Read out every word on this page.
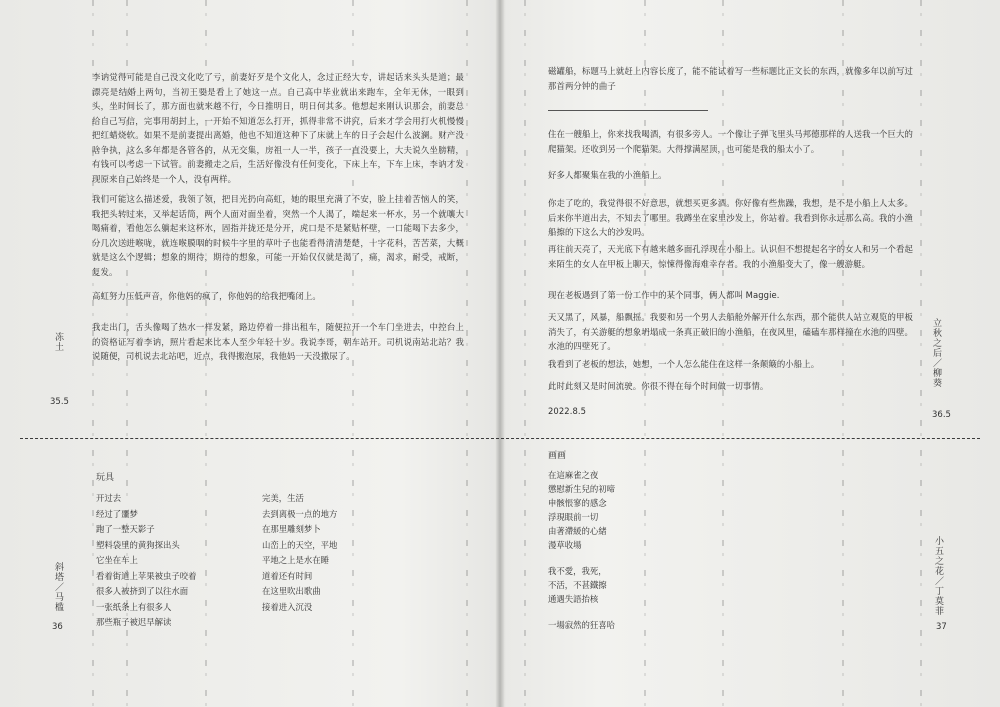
李讷觉得可能是自己没文化吃了亏，前妻好歹是个文化人，念过正经大专，讲起话来头头是道；最漂亮是结婚上两句，当初王要是看上了她这一点。自己高中毕业就出来跑车，全年无休，一眼到头，坐时间长了，那方面也就来越不行，今日推明日，明日何其多。他想起来刚认识那会，前妻总给自己写信，完事用胡封上，一开始不知道怎么打开，抓得非常不讲究，后来才学会用打火机慢慢把红蜡烧软。如果不是前妻提出离婚，他也不知道这种下了床就上车的日子会起什么波澜。财产没啥争执，这么多年都是各管各的，从无交集，房祖一人一半，孩子一直没要上，大夫说久坐膀精，有钱可以考虑一下试管。前妻搬走之后，生活好像没有任何变化，下床上车，下车上床，李讷才发现原来自己始终是一个人，没有两样。

我们可能这么描述爱，我领了领，把目光扔向高虹，她的眼里充满了不安，脸上挂着苦恼人的笑，我把头转过来，又举起话筒，两个人面对面坐着，突然一个人渴了，端起来一杯水，另一个就嚷大喝痛着，看他怎么躺起来这杯水，固指并拢还是分开，虎口是不是紧贴杯壁，一口能喝下去多少，分几次送进喉咙，就连喉膜咽的时候牛字里的草叶子也能看得清清楚楚，十字花科，苦苦菜，大概就是这么个逻辑；想象的期待，期待的想象，可能一开始仅仅就是渴了，痛，渴求，耐受，戒断，复发。

高虹努力压低声音，你他妈的疯了，你他妈的给我把嘴闭上。

我走出门，舌头像喝了热水一样发紧，路边停着一排出租车，随便拉开一个车门坐进去，中控台上的资格证写着李讷，照片看起来比本人至少年轻十岁。我说李哥，朝车站开。司机说南站北站？我说随便，司机说去北站吧，近点，我得搬泡尿，我他妈一天没撒尿了。

冻土
35.5
玩具
开过去
经过了噩梦
跑了一整天影子
塑料袋里的黄狗探出头
它坐在车上
看着街道上苹果被虫子咬着
很多人被挤到了以往水面
一张纸条上有很多人
那些瓶子被迟早解读
完美，生活
去到离极一点的地方
在那里雕刻梦卜
山峦上的天空，平地
平地之上是水在睡
道着还有时间
在这里吹出歌曲
接着进入沉没
斜塔／马槛
36

磁罐船，标题马上就赶上内容长度了，能不能试着写一些标题比正文长的东西，就像多年以前写过那首两分钟的曲子

住在一艘船上，你来找我喝酒，有很多旁人。一个像让子弹飞里头马邦德那样的人送我一个巨大的爬猫架。还收到另一个爬猫架。大得撑满屋顶，也可能是我的船太小了。

好多人都聚集在我的小渔船上。

你走了吃的，我觉得很不好意思，就想买更多酒。你好像有些焦躁，我想，是不是小船上人太多。后来你半道出去，不知去了哪里。我蹲坐在家里沙发上，你站着。我看到你永远那么高。我的小渔船擦的下这么大的沙发吗。

再往前天亮了，天光底下有越来越多面孔浮现在小船上。认识但不想提起名字的女人和另一个看起来陌生的女人在甲板上聊天，惊悚得像海难幸存者。我的小渔船变大了，像一艘游艇。

现在老板遇到了第一份工作中的某个同事，俩人都叫 Maggie.

天又黑了，风暴，船飘摇。我要和另一个男人去船舱外解开什么东西，那个能供人站立观览的甲板消失了，有关游艇的想象坍塌成一条真正破旧的小渔船，在夜风里，磕磕车那样撞在水池的四壁。水池的四壁死了。

我看到了老板的想法，她想，一个人怎么能住在这样一条颠簸的小船上。

此时此刻又是时间流驶。你很不得在每个时间做一切事情。

2022.8.5

立秋之后／柳葵
36.5
画画
在這麻雀之夜
懲慰新生兒的初啼
申骸悵寥的感念
浮現眼前一切
由著滯緩的心緒
漫草收場
我不愛，我死，
不活，不甚鐵擦
通遇失語抬核
一場寂然的狂喜哈
小五之花／丁莫菲
37
